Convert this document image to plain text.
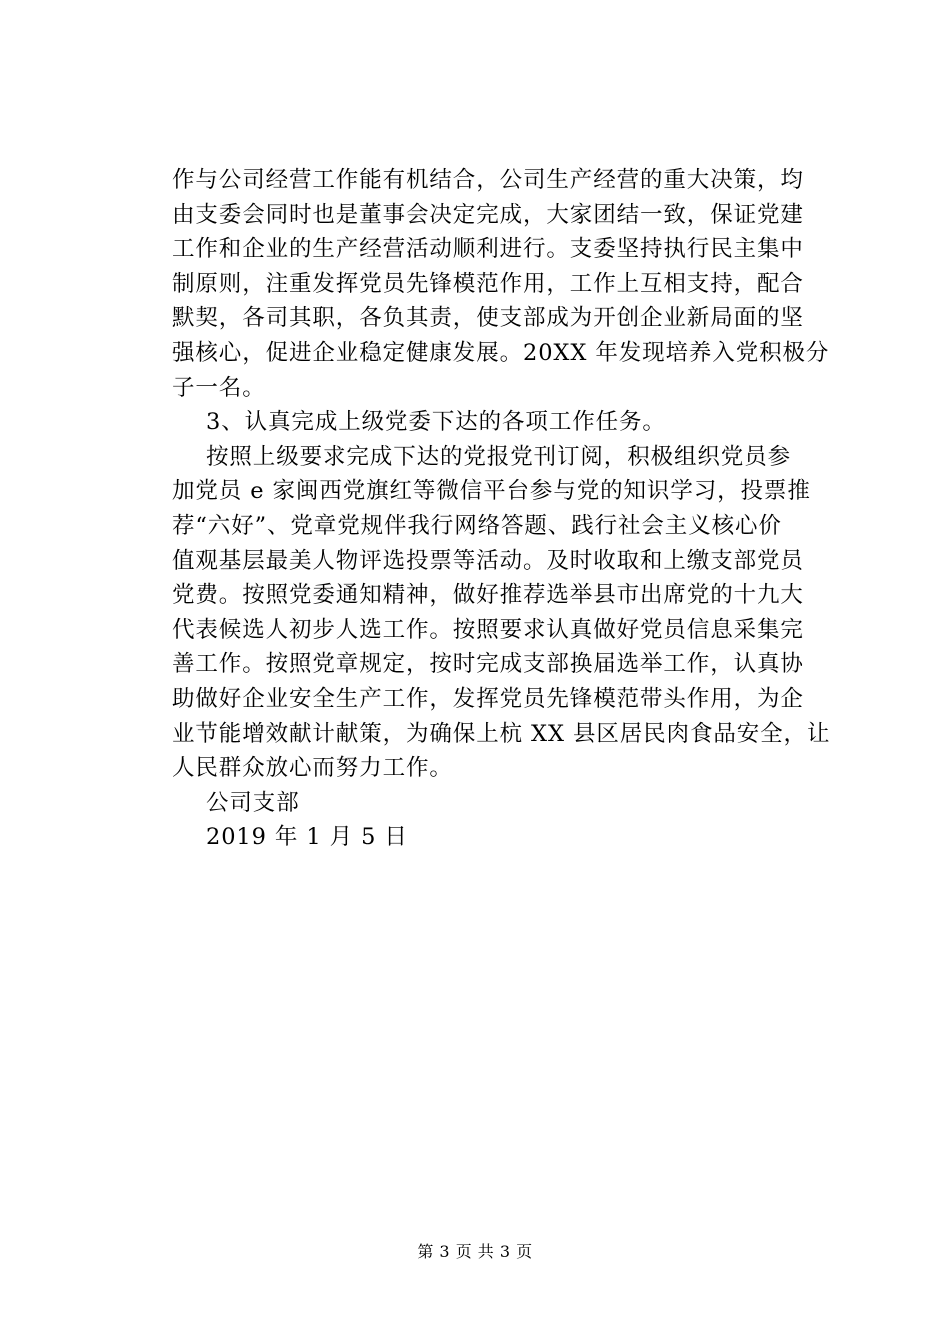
作与公司经营工作能有机结合，公司生产经营的重大决策，均
由支委会同时也是董事会决定完成，大家团结一致，保证党建
工作和企业的生产经营活动顺利进行。支委坚持执行民主集中
制原则，注重发挥党员先锋模范作用，工作上互相支持，配合
默契，各司其职，各负其责，使支部成为开创企业新局面的坚
强核心，促进企业稳定健康发展。20XX 年发现培养入党积极分
子一名。
3、认真完成上级党委下达的各项工作任务。
按照上级要求完成下达的党报党刊订阅，积极组织党员参
加党员 e 家闽西党旗红等微信平台参与党的知识学习，投票推
荐“六好”、党章党规伴我行网络答题、践行社会主义核心价
值观基层最美人物评选投票等活动。及时收取和上缴支部党员
党费。按照党委通知精神，做好推荐选举县市出席党的十九大
代表候选人初步人选工作。按照要求认真做好党员信息采集完
善工作。按照党章规定，按时完成支部换届选举工作，认真协
助做好企业安全生产工作，发挥党员先锋模范带头作用，为企
业节能增效献计献策，为确保上杭 XX 县区居民肉食品安全，让
人民群众放心而努力工作。
公司支部
2019 年 1 月 5 日
第 3 页 共 3 页
